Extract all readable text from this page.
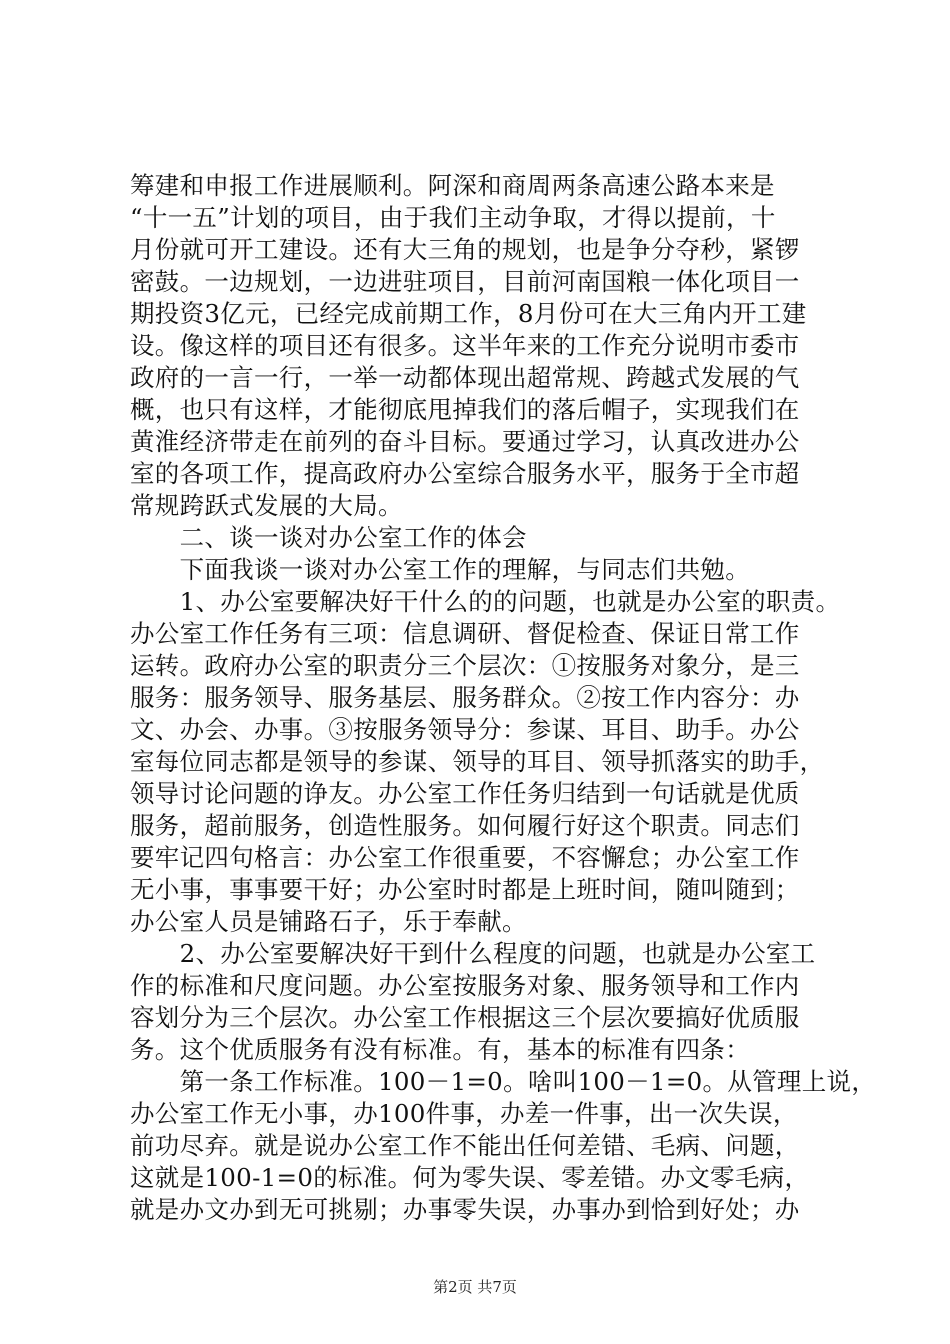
筹建和申报工作进展顺利。阿深和商周两条高速公路本来是
“十一五”计划的项目，由于我们主动争取，才得以提前，十
月份就可开工建设。还有大三角的规划，也是争分夺秒，紧锣
密鼓。一边规划，一边进驻项目，目前河南国粮一体化项目一
期投资3亿元，已经完成前期工作，8月份可在大三角内开工建
设。像这样的项目还有很多。这半年来的工作充分说明市委市
政府的一言一行，一举一动都体现出超常规、跨越式发展的气
概，也只有这样，才能彻底甩掉我们的落后帽子，实现我们在
黄淮经济带走在前列的奋斗目标。要通过学习，认真改进办公
室的各项工作，提高政府办公室综合服务水平，服务于全市超
常规跨跃式发展的大局。
　　二、谈一谈对办公室工作的体会
　　下面我谈一谈对办公室工作的理解，与同志们共勉。
　　1、办公室要解决好干什么的的问题，也就是办公室的职责。
办公室工作任务有三项：信息调研、督促检查、保证日常工作
运转。政府办公室的职责分三个层次：①按服务对象分，是三
服务：服务领导、服务基层、服务群众。②按工作内容分：办
文、办会、办事。③按服务领导分：参谋、耳目、助手。办公
室每位同志都是领导的参谋、领导的耳目、领导抓落实的助手，
领导讨论问题的诤友。办公室工作任务归结到一句话就是优质
服务，超前服务，创造性服务。如何履行好这个职责。同志们
要牢记四句格言：办公室工作很重要，不容懈怠；办公室工作
无小事，事事要干好；办公室时时都是上班时间，随叫随到；
办公室人员是铺路石子，乐于奉献。
　　2、办公室要解决好干到什么程度的问题，也就是办公室工
作的标准和尺度问题。办公室按服务对象、服务领导和工作内
容划分为三个层次。办公室工作根据这三个层次要搞好优质服
务。这个优质服务有没有标准。有，基本的标准有四条：
　　第一条工作标准。100－1=0。啥叫100－1=0。从管理上说，
办公室工作无小事，办100件事，办差一件事，出一次失误，
前功尽弃。就是说办公室工作不能出任何差错、毛病、问题，
这就是100-1=0的标准。何为零失误、零差错。办文零毛病，
就是办文办到无可挑剔；办事零失误，办事办到恰到好处；办
第2页 共7页
